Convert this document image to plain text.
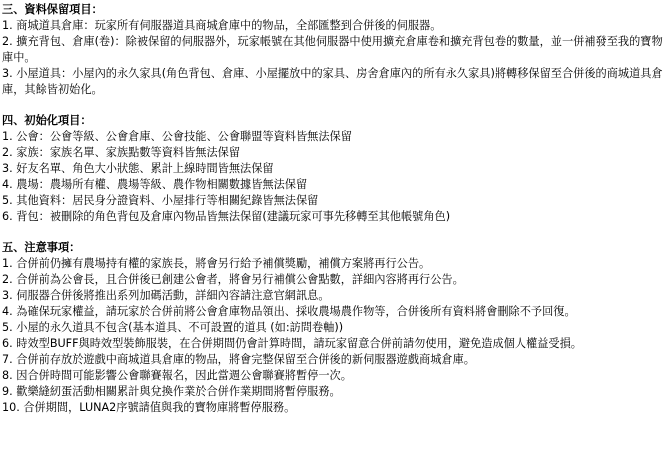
三、資料保留項目：
1. 商城道具倉庫：玩家所有伺服器道具商城倉庫中的物品，全部匯整到合併後的伺服器。
2. 擴充背包、倉庫(卷)：除被保留的伺服器外，玩家帳號在其他伺服器中使用擴充倉庫卷和擴充背包卷的數量，並一併補發至我的寶物庫中。
3. 小屋道具：小屋內的永久家具(角色背包、倉庫、小屋擺放中的家具、房舍倉庫內的所有永久家具)將轉移保留至合併後的商城道具倉庫，其餘皆初始化。
四、初始化項目：
1. 公會：公會等級、公會倉庫、公會技能、公會聯盟等資料皆無法保留
2. 家族：家族名單、家族點數等資料皆無法保留
3. 好友名單、角色大小狀態、累計上線時間皆無法保留
4. 農場：農場所有權、農場等級、農作物相關數據皆無法保留
5. 其他資料：居民身分證資料、小屋排行等相關紀錄皆無法保留
6. 背包：被刪除的角色背包及倉庫內物品皆無法保留(建議玩家可事先移轉至其他帳號角色)
五、注意事項：
1. 合併前仍擁有農場持有權的家族長，將會另行給予補償獎勵，補償方案將再行公告。
2. 合併前為公會長，且合併後已創建公會者，將會另行補償公會點數，詳細內容將再行公告。
3. 伺服器合併後將推出系列加碼活動，詳細內容請注意官網訊息。
4. 為確保玩家權益，請玩家於合併前將公會倉庫物品領出、採收農場農作物等，合併後所有資料將會刪除不予回復。
5. 小屋的永久道具不包含(基本道具、不可設置的道具 (如:訪問卷軸))
6. 時效型BUFF與時效型裝飾服裝，在合併期間仍會計算時間，請玩家留意合併前請勿使用，避免造成個人權益受損。
7. 合併前存放於遊戲中商城道具倉庫的物品，將會完整保留至合併後的新伺服器遊戲商城倉庫。
8. 因合併時間可能影響公會聯賽報名，因此當週公會聯賽將暫停一次。
9. 歡樂縫紉蛋活動相關累計與兌換作業於合併作業期間將暫停服務。
10. 合併期間，LUNA2序號請值與我的寶物庫將暫停服務。
